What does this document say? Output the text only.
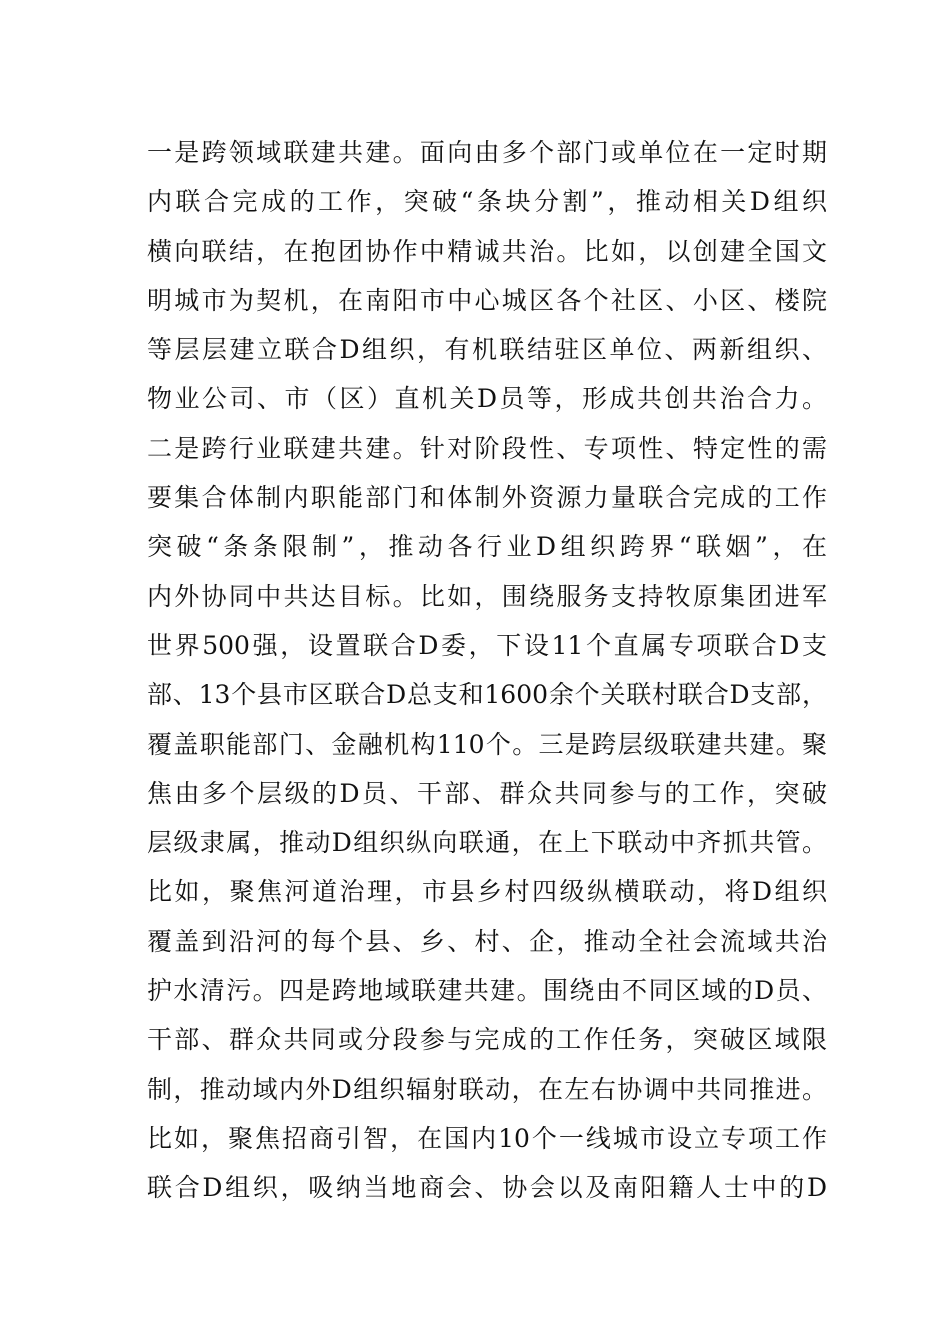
一是跨领域联建共建。面向由多个部门或单位在一定时期
内联合完成的工作，突破“条块分割”，推动相关D组织
横向联结，在抱团协作中精诚共治。比如，以创建全国文
明城市为契机，在南阳市中心城区各个社区、小区、楼院
等层层建立联合D组织，有机联结驻区单位、两新组织、
物业公司、市（区）直机关D员等，形成共创共治合力。
二是跨行业联建共建。针对阶段性、专项性、特定性的需
要集合体制内职能部门和体制外资源力量联合完成的工作
突破“条条限制”，推动各行业D组织跨界“联姻”，在
内外协同中共达目标。比如，围绕服务支持牧原集团进军
世界500强，设置联合D委，下设11个直属专项联合D支
部、13个县市区联合D总支和1600余个关联村联合D支部，
覆盖职能部门、金融机构110个。三是跨层级联建共建。聚
焦由多个层级的D员、干部、群众共同参与的工作，突破
层级隶属，推动D组织纵向联通，在上下联动中齐抓共管。
比如，聚焦河道治理，市县乡村四级纵横联动，将D组织
覆盖到沿河的每个县、乡、村、企，推动全社会流域共治
护水清污。四是跨地域联建共建。围绕由不同区域的D员、
干部、群众共同或分段参与完成的工作任务，突破区域限
制，推动域内外D组织辐射联动，在左右协调中共同推进。
比如，聚焦招商引智，在国内10个一线城市设立专项工作
联合D组织，吸纳当地商会、协会以及南阳籍人士中的D
